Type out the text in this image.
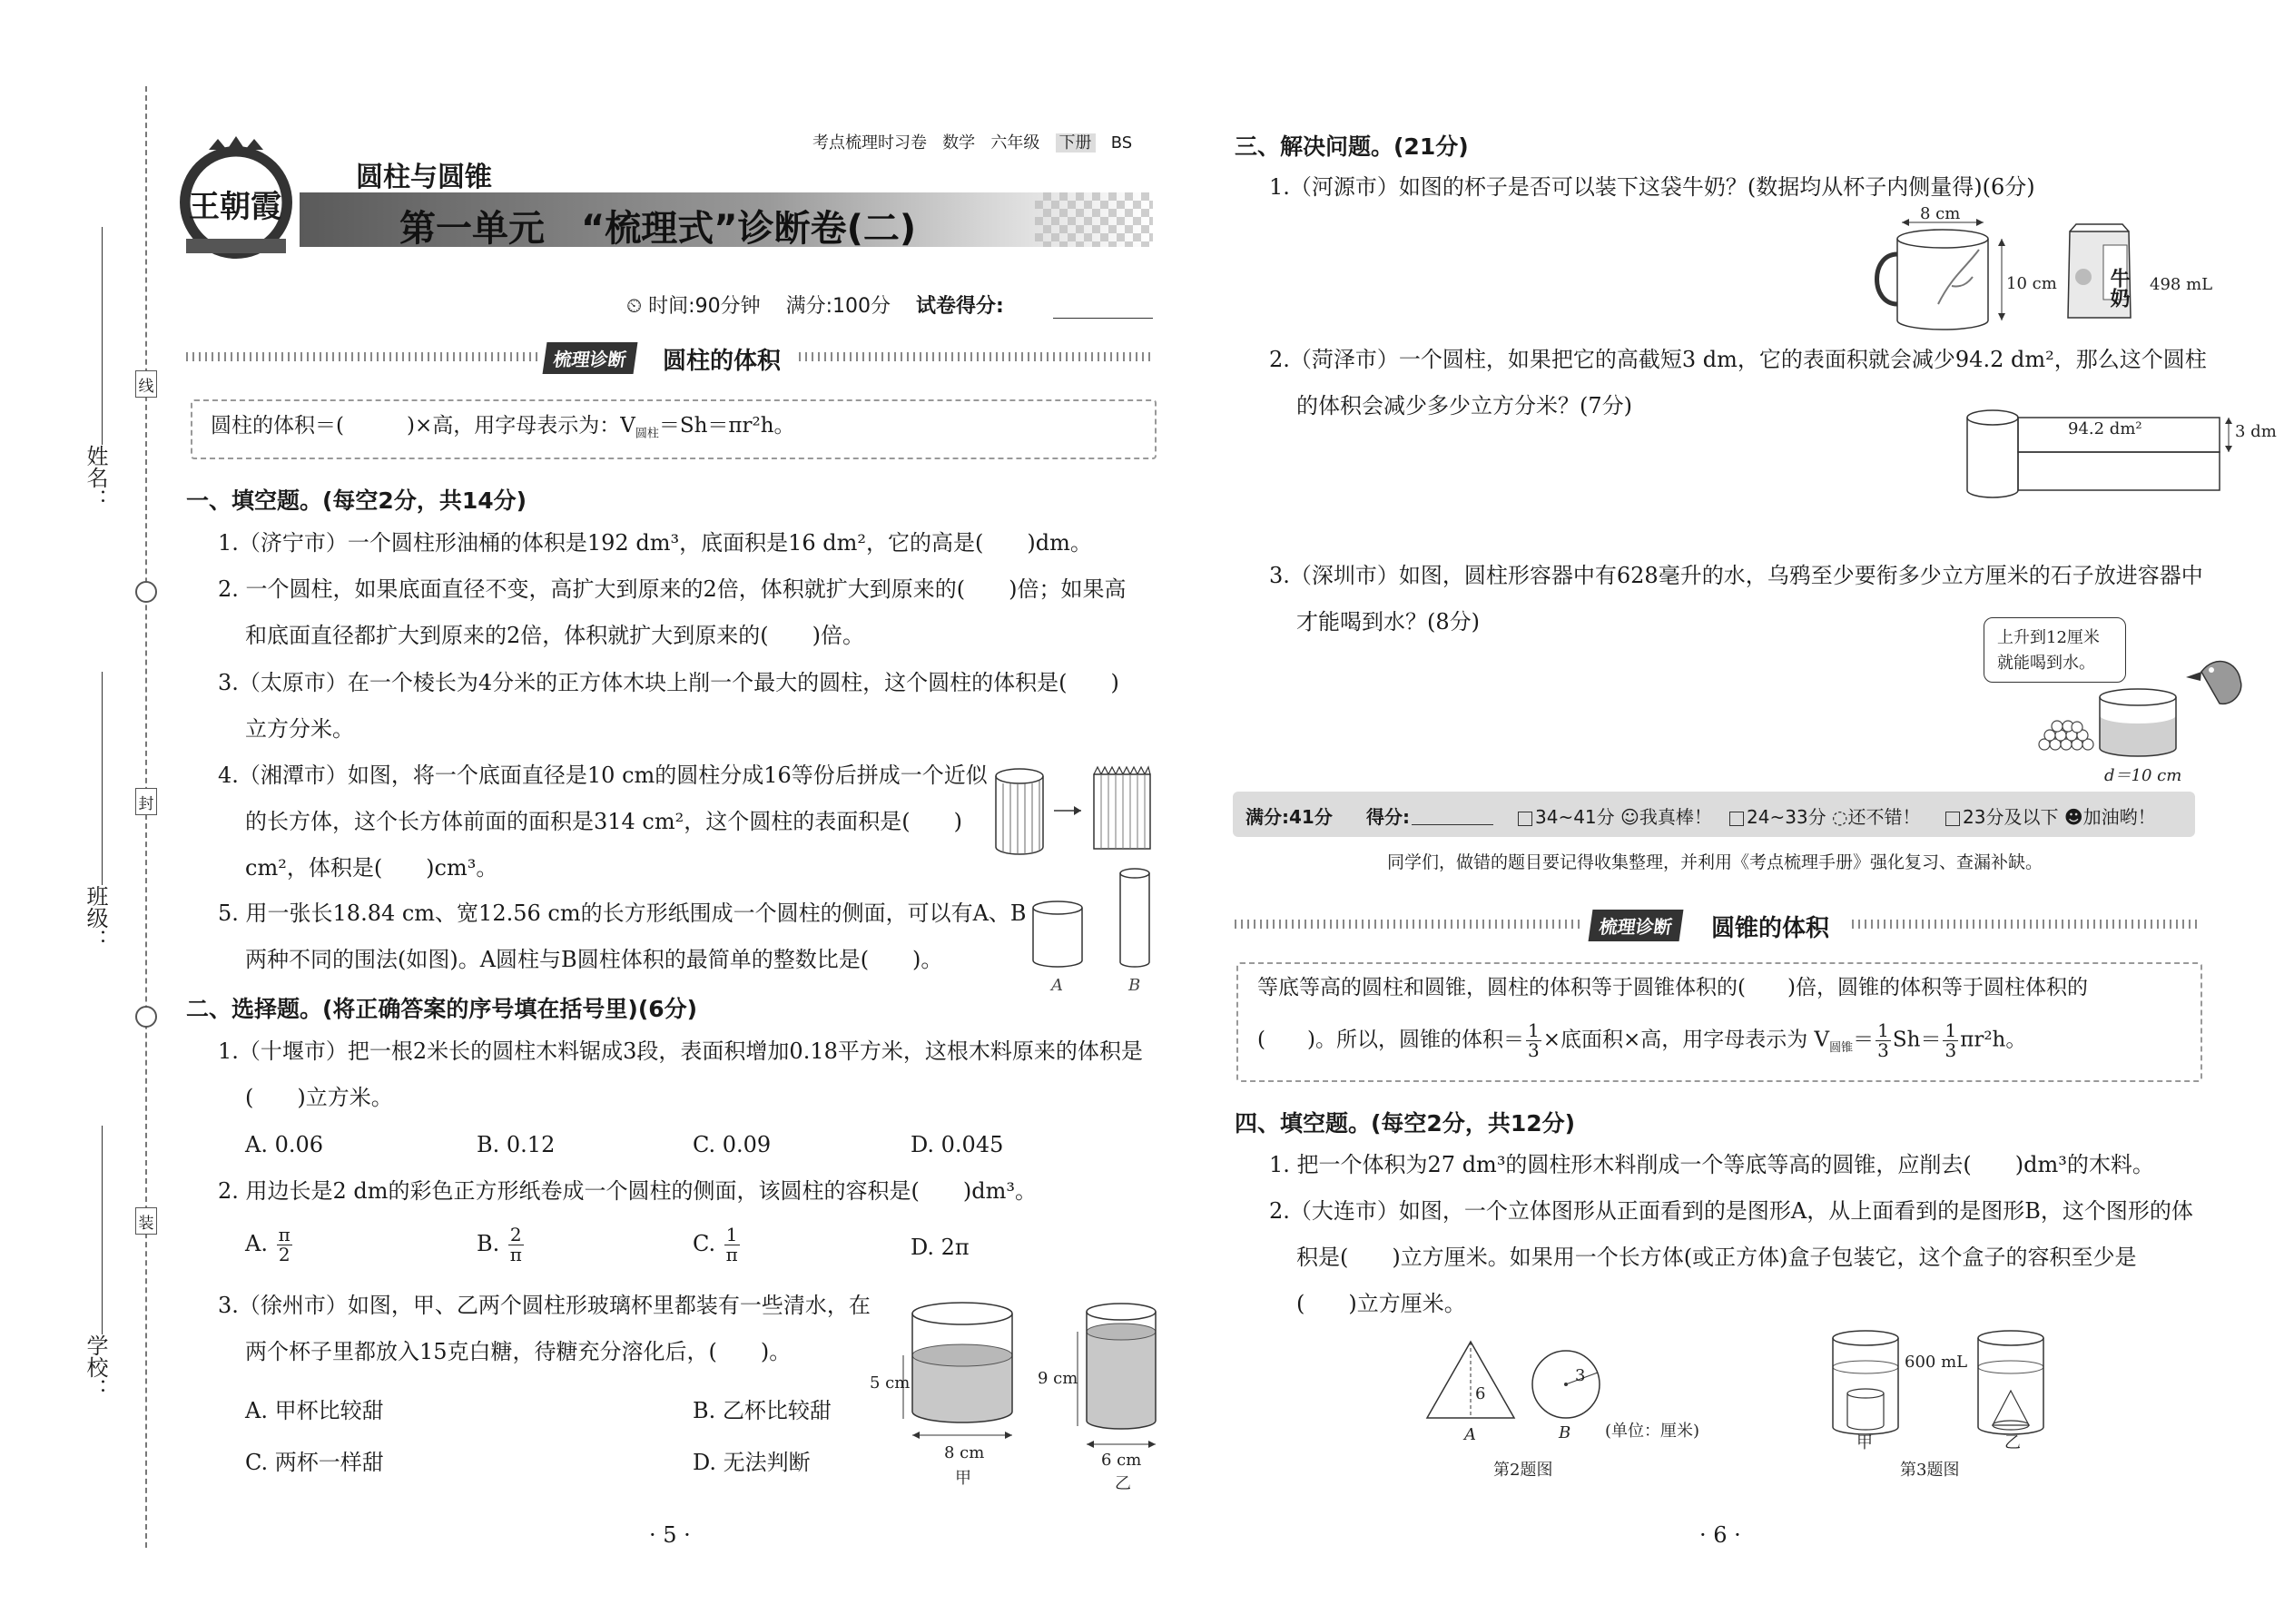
姓名：
班级：
学校：
线
封
装
考点梳理时习卷 数学 六年级 下册 BS
王朝霞
圆柱与圆锥
第一单元　“梳理式”诊断卷(二)
⏲ 时间:90分钟 满分:100分 试卷得分:
梳理诊断	圆柱的体积
圆柱的体积＝(　　　)×高，用字母表示为：$V_{圆柱}=Sh=\pi r^2h$。
一、填空题。(每空2分，共14分)
1.（济宁市）一个圆柱形油桶的体积是192 dm³，底面积是16 dm²，它的高是(　　)dm。
2. 一个圆柱，如果底面直径不变，高扩大到原来的2倍，体积就扩大到原来的(　　)倍；如果高
和底面直径都扩大到原来的2倍，体积就扩大到原来的(　　)倍。
3.（太原市）在一个棱长为4分米的正方体木块上削一个最大的圆柱，这个圆柱的体积是(　　)
立方分米。
4.（湘潭市）如图，将一个底面直径是10 cm的圆柱分成16等份后拼成一个近似
的长方体，这个长方体前面的面积是314 cm²，这个圆柱的表面积是(　　)
cm²，体积是(　　)cm³。
5. 用一张长18.84 cm、宽12.56 cm的长方形纸围成一个圆柱的侧面，可以有A、B
两种不同的围法(如图)。A圆柱与B圆柱体积的最简单的整数比是(　　)。
A	B
二、选择题。(将正确答案的序号填在括号里)(6分)
1.（十堰市）把一根2米长的圆柱木料锯成3段，表面积增加0.18平方米，这根木料原来的体积是
(　　)立方米。
A. 0.06	B. 0.12	C. 0.09	D. 0.045
2. 用边长是2 dm的彩色正方形纸卷成一个圆柱的侧面，该圆柱的容积是(　　)dm³。
A. $\frac{\pi}{2}$	B. $\frac{2}{\pi}$	C. $\frac{1}{\pi}$	D. 2π
3.（徐州市）如图，甲、乙两个圆柱形玻璃杯里都装有一些清水，在
两个杯子里都放入15克白糖，待糖充分溶化后，(　　)。
A. 甲杯比较甜	B. 乙杯比较甜
C. 两杯一样甜	D. 无法判断
5 cm
8 cm
甲
9 cm
6 cm
乙
· 5 ·
三、解决问题。(21分)
1.（河源市）如图的杯子是否可以装下这袋牛奶？(数据均从杯子内侧量得)(6分)
8 cm
10 cm	牛奶 498 mL
2.（菏泽市）一个圆柱，如果把它的高截短3 dm，它的表面积就会减少94.2 dm²，那么这个圆柱
的体积会减少多少立方分米？(7分)
94.2 dm²	3 dm
3.（深圳市）如图，圆柱形容器中有628毫升的水，乌鸦至少要衔多少立方厘米的石子放进容器中
才能喝到水？(8分)
上升到12厘米
就能喝到水。
d＝10 cm
满分:41分 得分:	34~41分 ☺我真棒！	24~33分 ◌还不错！	23分及以下 ☻加油哟！
同学们，做错的题目要记得收集整理，并利用《考点梳理手册》强化复习、查漏补缺。
梳理诊断	圆锥的体积
等底等高的圆柱和圆锥，圆柱的体积等于圆锥体积的(　　)倍，圆锥的体积等于圆柱体积的
(　　)。所以，圆锥的体积＝ $\frac{1}{3}$ ×底面积×高，用字母表示为 $V_{圆锥}= \frac{1}{3} Sh= \frac{1}{3} \pi r^2h$。
四、填空题。(每空2分，共12分)
1. 把一个体积为27 dm³的圆柱形木料削成一个等底等高的圆锥，应削去(　　)dm³的木料。
2.（大连市）如图，一个立体图形从正面看到的是图形A，从上面看到的是图形B，这个图形的体
积是(　　)立方厘米。如果用一个长方体(或正方体)盒子包装它，这个盒子的容积至少是
(　　)立方厘米。
6
3
A	B (单位：厘米)
第2题图
600 mL
甲	乙
第3题图
· 6 ·
